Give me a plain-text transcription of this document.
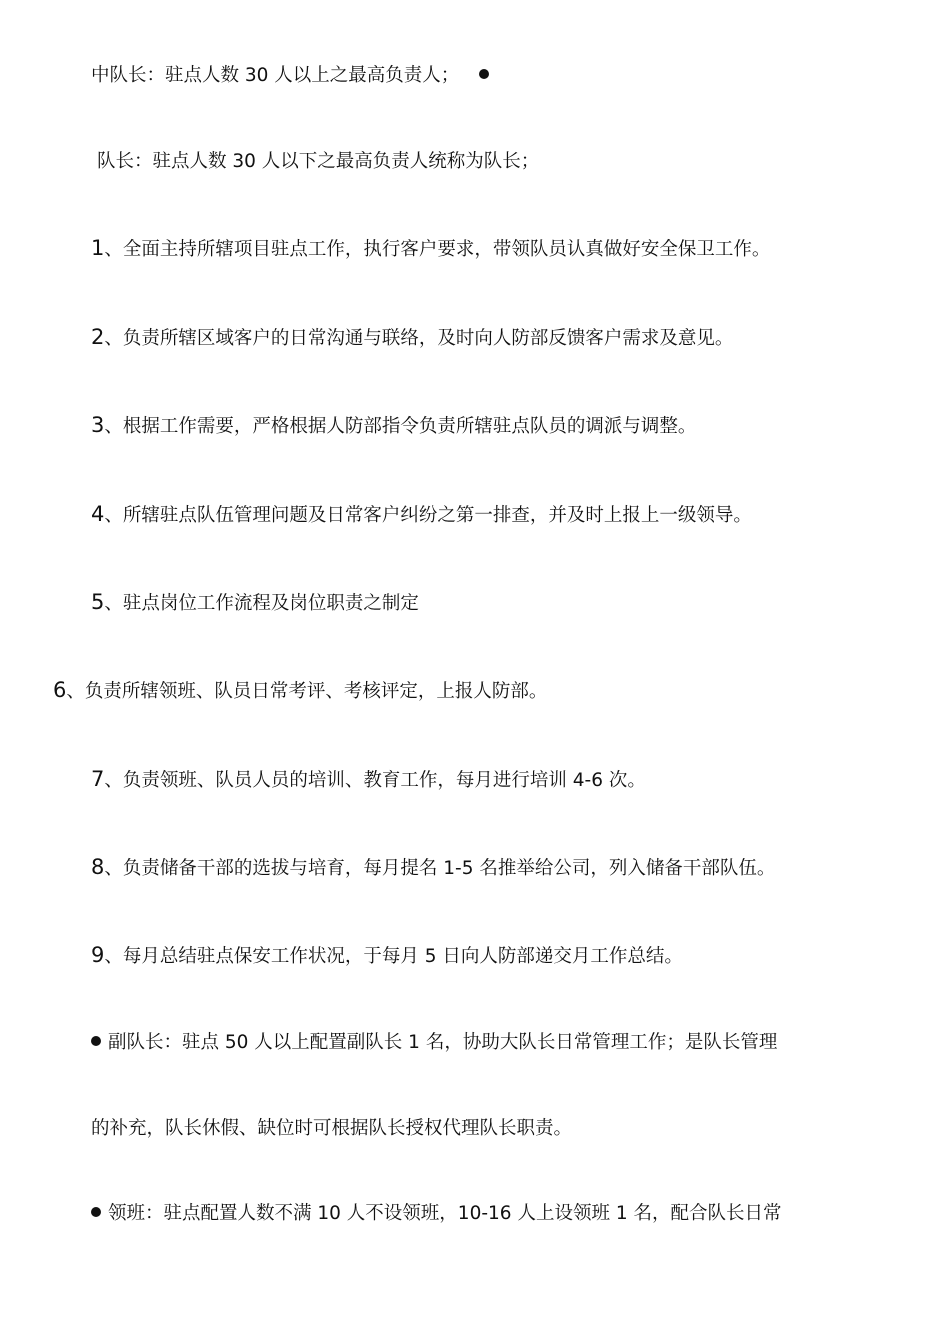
中队长：驻点人数 30 人以上之最高负责人；
队长：驻点人数 30 人以下之最高负责人统称为队长；
1、全面主持所辖项目驻点工作，执行客户要求，带领队员认真做好安全保卫工作。
2、负责所辖区域客户的日常沟通与联络，及时向人防部反馈客户需求及意见。
3、根据工作需要，严格根据人防部指令负责所辖驻点队员的调派与调整。
4、所辖驻点队伍管理问题及日常客户纠纷之第一排查，并及时上报上一级领导。
5、驻点岗位工作流程及岗位职责之制定
6、负责所辖领班、队员日常考评、考核评定，上报人防部。
7、负责领班、队员人员的培训、教育工作，每月进行培训 4-6 次。
8、负责储备干部的选拔与培育，每月提名 1-5 名推举给公司，列入储备干部队伍。
9、每月总结驻点保安工作状况，于每月 5 日向人防部递交月工作总结。
副队长：驻点 50 人以上配置副队长 1 名，协助大队长日常管理工作；是队长管理
的补充，队长休假、缺位时可根据队长授权代理队长职责。
领班：驻点配置人数不满 10 人不设领班，10-16 人上设领班 1 名，配合队长日常
